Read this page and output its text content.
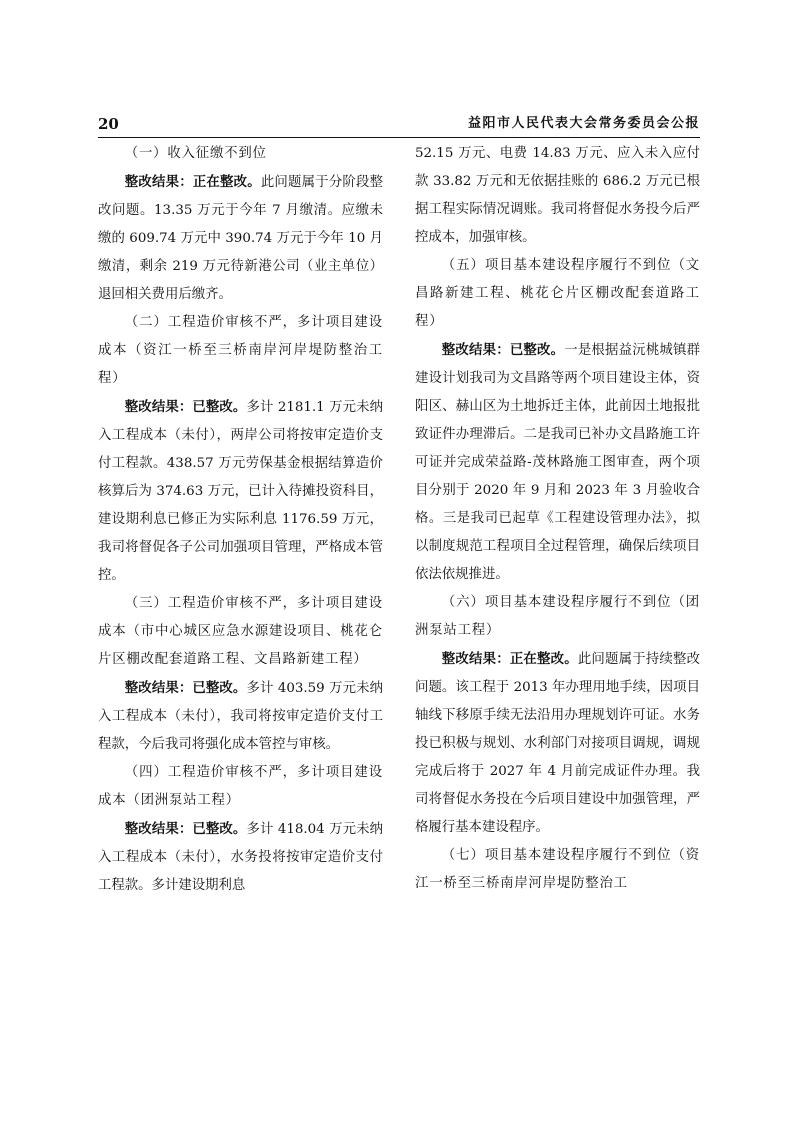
20	益阳市人民代表大会常务委员会公报

（一）收入征缴不到位

整改结果：正在整改。此问题属于分阶段整改问题。13.35 万元于今年 7 月缴清。应缴未缴的 609.74 万元中 390.74 万元于今年 10 月缴清，剩余 219 万元待新港公司（业主单位）退回相关费用后缴齐。

（二）工程造价审核不严，多计项目建设成本（资江一桥至三桥南岸河岸堤防整治工程）

整改结果：已整改。多计 2181.1 万元未纳入工程成本（未付），两岸公司将按审定造价支付工程款。438.57 万元劳保基金根据结算造价核算后为 374.63 万元，已计入待摊投资科目，建设期利息已修正为实际利息 1176.59 万元，我司将督促各子公司加强项目管理，严格成本管控。

（三）工程造价审核不严，多计项目建设成本（市中心城区应急水源建设项目、桃花仑片区棚改配套道路工程、文昌路新建工程）

整改结果：已整改。多计 403.59 万元未纳入工程成本（未付），我司将按审定造价支付工程款，今后我司将强化成本管控与审核。

（四）工程造价审核不严，多计项目建设成本（团洲泵站工程）

整改结果：已整改。多计 418.04 万元未纳入工程成本（未付），水务投将按审定造价支付工程款。多计建设期利息

52.15 万元、电费 14.83 万元、应入未入应付款 33.82 万元和无依据挂账的 686.2 万元已根据工程实际情况调账。我司将督促水务投今后严控成本，加强审核。

（五）项目基本建设程序履行不到位（文昌路新建工程、桃花仑片区棚改配套道路工程）

整改结果：已整改。一是根据益沅桃城镇群建设计划我司为文昌路等两个项目建设主体，资阳区、赫山区为土地拆迁主体，此前因土地报批致证件办理滞后。二是我司已补办文昌路施工许可证并完成荣益路-茂林路施工图审查，两个项目分别于 2020 年 9 月和 2023 年 3 月验收合格。三是我司已起草《工程建设管理办法》，拟以制度规范工程项目全过程管理，确保后续项目依法依规推进。

（六）项目基本建设程序履行不到位（团洲泵站工程）

整改结果：正在整改。此问题属于持续整改问题。该工程于 2013 年办理用地手续，因项目轴线下移原手续无法沿用办理规划许可证。水务投已积极与规划、水利部门对接项目调规，调规完成后将于 2027 年 4 月前完成证件办理。我司将督促水务投在今后项目建设中加强管理，严格履行基本建设程序。

（七）项目基本建设程序履行不到位（资江一桥至三桥南岸河岸堤防整治工
